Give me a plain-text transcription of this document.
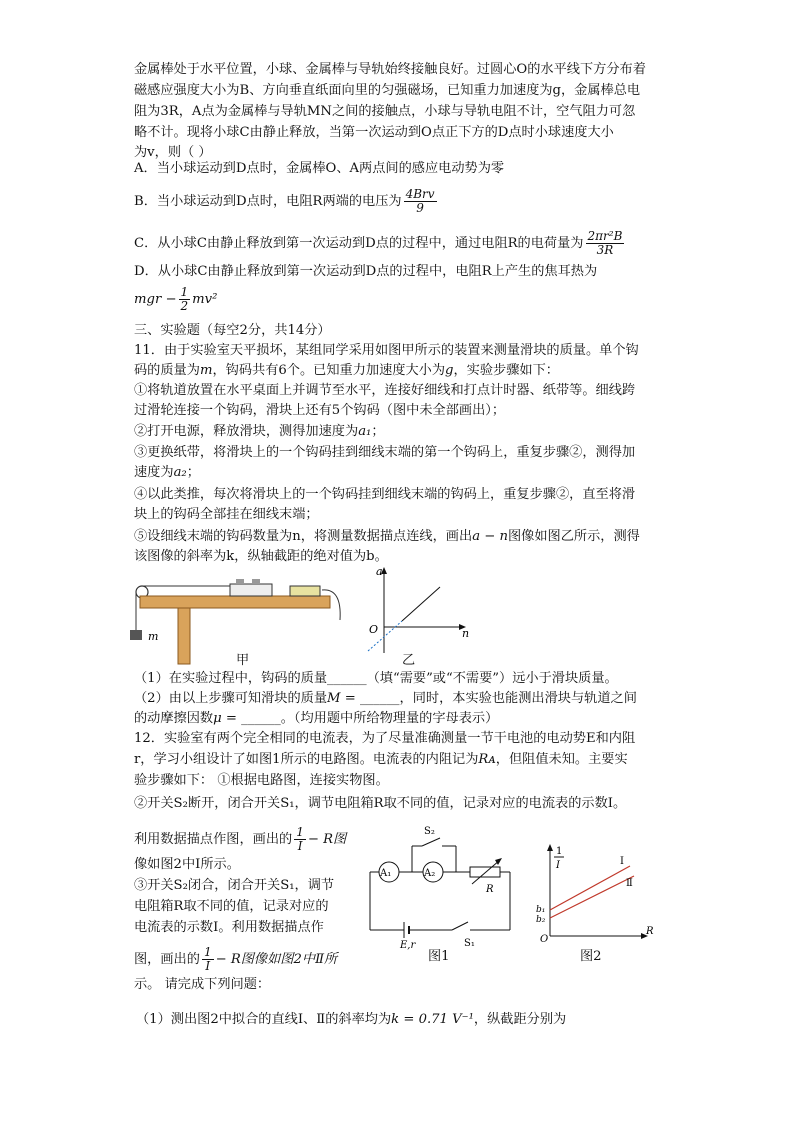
金属棒处于水平位置，小球、金属棒与导轨始终接触良好。过圆心O的水平线下方分布着
磁感应强度大小为B、方向垂直纸面向里的匀强磁场，已知重力加速度为g，金属棒总电
阻为3R，A点为金属棒与导轨MN之间的接触点，小球与导轨电阻不计，空气阻力可忽
略不计。现将小球C由静止释放，当第一次运动到O点正下方的D点时小球速度大小
为v，则（ ）
A．当小球运动到D点时，金属棒O、A两点间的感应电动势为零
B．当小球运动到D点时，电阻R两端的电压为 $\frac{\text{4Brv}}{9}$
C．从小球C由静止释放到第一次运动到D点的过程中，通过电阻R的电荷量为 $\frac{\text{2πr²B}}{3R}$
D．从小球C由静止释放到第一次运动到D点的过程中，电阻R上产生的焦耳热为
mgr − $\frac{1}{2} mv^2$
三、实验题（每空2分，共14分）
11．由于实验室天平损坏，某组同学采用如图甲所示的装置来测量滑块的质量。单个钩
码的质量为m，钩码共有6个。已知重力加速度大小为g，实验步骤如下：
①将轨道放置在水平桌面上并调节至水平，连接好细线和打点计时器、纸带等。细线跨
过滑轮连接一个钩码，滑块上还有5个钩码（图中未全部画出）；
②打开电源，释放滑块，测得加速度为a₁；
③更换纸带，将滑块上的一个钩码挂到细线末端的第一个钩码上，重复步骤②，测得加
速度为a₂；
④以此类推，每次将滑块上的一个钩码挂到细线末端的钩码上，重复步骤②，直至将滑
块上的钩码全部挂在细线末端；
⑤设细线末端的钩码数量为n，将测量数据描点连线，画出a − n图像如图乙所示，测得
该图像的斜率为k，纵轴截距的绝对值为b。
m
甲
a
n
O
乙
（1）在实验过程中，钩码的质量______（填“需要”或“不需要”）远小于滑块质量。
（2）由以上步骤可知滑块的质量M = ______，同时，本实验也能测出滑块与轨道之间
的动摩擦因数μ = ______。（均用题中所给物理量的字母表示）
12．实验室有两个完全相同的电流表，为了尽量准确测量一节干电池的电动势E和内阻
r，学习小组设计了如图1所示的电路图。电流表的内阻记为Rᴀ，但阻值未知。主要实
验步骤如下： ①根据电路图，连接实物图。
②开关S₂断开，闭合开关S₁，调节电阻箱R取不同的值，记录对应的电流表的示数I。
利用数据描点作图，画出的 $\frac{1}{I} - R$图
像如图2中Ⅰ所示。
③开关S₂闭合，闭合开关S₁，调节
电阻箱R取不同的值，记录对应的
电流表的示数I。利用数据描点作
图，画出的 $\frac{1}{I} - R$图像如图2中Ⅱ所
示。 请完成下列问题：
（1）测出图2中拟合的直线Ⅰ、Ⅱ的斜率均为k = 0.71 V⁻¹，纵截距分别为
A₁	A₂
R
S₂
E,r	S₁
图1
1
I
b₁
b₂
O
R
Ⅰ
Ⅱ
图2
